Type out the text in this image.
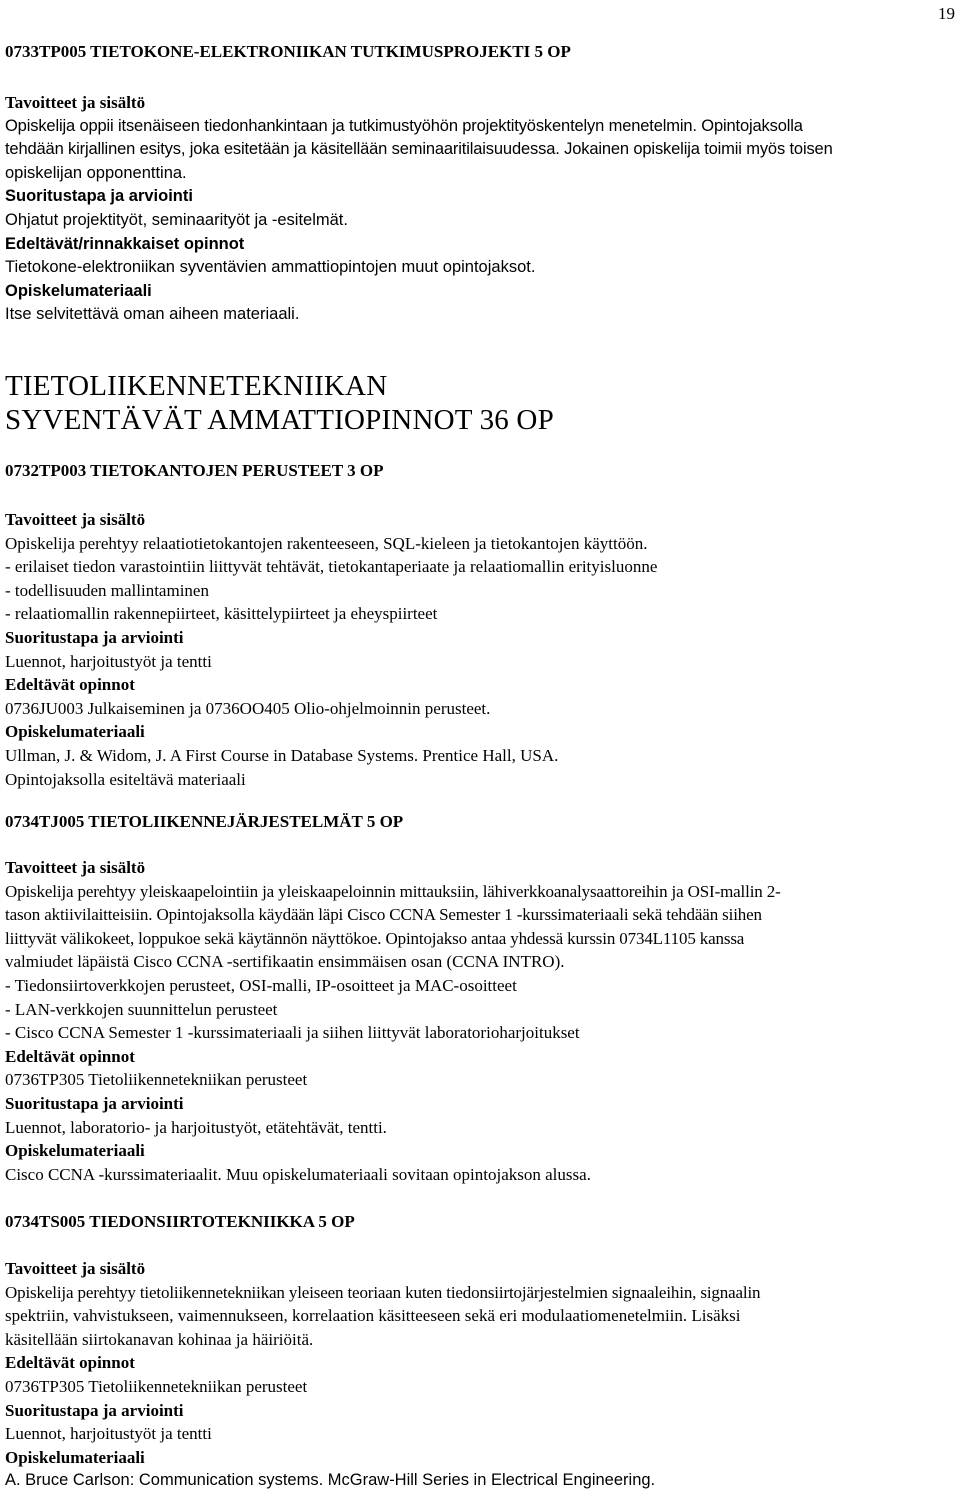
19

0733TP005 TIETOKONE-ELEKTRONIIKAN TUTKIMUSPROJEKTI 5 OP

Tavoitteet ja sisältö
Opiskelija oppii itsenäiseen tiedonhankintaan ja tutkimustyöhön projektityöskentelyn menetelmin. Opintojaksolla
tehdään kirjallinen esitys, joka esitetään ja käsitellään seminaaritilaisuudessa. Jokainen opiskelija toimii myös toisen
opiskelijan opponenttina.
Suoritustapa ja arviointi
Ohjatut projektityöt, seminaarityöt ja -esitelmät.
Edeltävät/rinnakkaiset opinnot
Tietokone-elektroniikan syventävien ammattiopintojen muut opintojaksot.
Opiskelumateriaali
Itse selvitettävä oman aiheen materiaali.

TIETOLIIKENNETEKNIIKAN

SYVENTÄVÄT AMMATTIOPINNOT 36 OP

0732TP003 TIETOKANTOJEN PERUSTEET 3 OP

Tavoitteet ja sisältö
Opiskelija perehtyy relaatiotietokantojen rakenteeseen, SQL-kieleen ja tietokantojen käyttöön.
- erilaiset tiedon varastointiin liittyvät tehtävät, tietokantaperiaate ja relaatiomallin erityisluonne
- todellisuuden mallintaminen
- relaatiomallin rakennepiirteet, käsittelypiirteet ja eheyspiirteet
Suoritustapa ja arviointi
Luennot, harjoitustyöt ja tentti
Edeltävät opinnot
0736JU003 Julkaiseminen ja 0736OO405 Olio-ohjelmoinnin perusteet.
Opiskelumateriaali
Ullman, J. & Widom, J. A First Course in Database Systems. Prentice Hall, USA.
Opintojaksolla esiteltävä materiaali

0734TJ005 TIETOLIIKENNEJÄRJESTELMÄT 5 OP

Tavoitteet ja sisältö
Opiskelija perehtyy yleiskaapelointiin ja yleiskaapeloinnin mittauksiin, lähiverkkoanalysaattoreihin ja OSI-mallin 2-
tason aktiivilaitteisiin. Opintojaksolla käydään läpi Cisco CCNA Semester 1 -kurssimateriaali sekä tehdään siihen
liittyvät välikokeet, loppukoe sekä käytännön näyttökoe. Opintojakso antaa yhdessä kurssin 0734L1105 kanssa
valmiudet läpäistä Cisco CCNA -sertifikaatin ensimmäisen osan (CCNA INTRO).
- Tiedonsiirtoverkkojen perusteet, OSI-malli, IP-osoitteet ja MAC-osoitteet
- LAN-verkkojen suunnittelun perusteet
- Cisco CCNA Semester 1 -kurssimateriaali ja siihen liittyvät laboratorioharjoitukset
Edeltävät opinnot
0736TP305 Tietoliikennetekniikan perusteet
Suoritustapa ja arviointi
Luennot, laboratorio- ja harjoitustyöt, etätehtävät, tentti.
Opiskelumateriaali
Cisco CCNA -kurssimateriaalit. Muu opiskelumateriaali sovitaan opintojakson alussa.

0734TS005 TIEDONSIIRTOTEKNIIKKA 5 OP

Tavoitteet ja sisältö
Opiskelija perehtyy tietoliikennetekniikan yleiseen teoriaan kuten tiedonsiirtojärjestelmien signaaleihin, signaalin
spektriin, vahvistukseen, vaimennukseen, korrelaation käsitteeseen sekä eri modulaatiomenetelmiin. Lisäksi
käsitellään siirtokanavan kohinaa ja häiriöitä.
Edeltävät opinnot
0736TP305 Tietoliikennetekniikan perusteet
Suoritustapa ja arviointi
Luennot, harjoitustyöt ja tentti
Opiskelumateriaali
A. Bruce Carlson: Communication systems. McGraw-Hill Series in Electrical Engineering.
